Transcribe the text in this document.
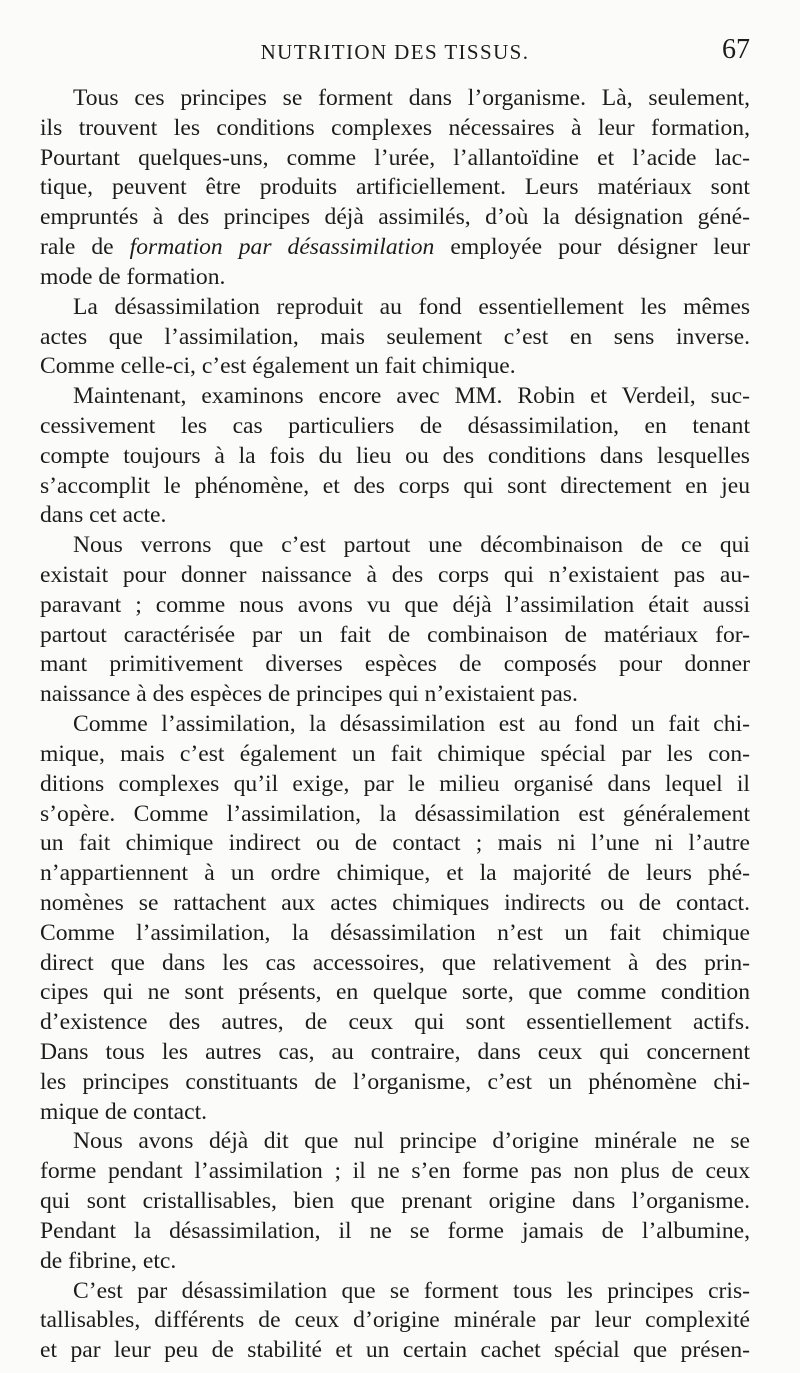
NUTRITION DES TISSUS.	67
Tous ces principes se forment dans l’organisme. Là, seulement,
ils trouvent les conditions complexes nécessaires à leur formation,
Pourtant quelques-uns, comme l’urée, l’allantoïdine et l’acide lac-
tique, peuvent être produits artificiellement. Leurs matériaux sont
empruntés à des principes déjà assimilés, d’où la désignation géné-
rale de formation par désassimilation employée pour désigner leur
mode de formation.
La désassimilation reproduit au fond essentiellement les mêmes
actes que l’assimilation, mais seulement c’est en sens inverse.
Comme celle-ci, c’est également un fait chimique.
Maintenant, examinons encore avec MM. Robin et Verdeil, suc-
cessivement les cas particuliers de désassimilation, en tenant
compte toujours à la fois du lieu ou des conditions dans lesquelles
s’accomplit le phénomène, et des corps qui sont directement en jeu
dans cet acte.
Nous verrons que c’est partout une décombinaison de ce qui
existait pour donner naissance à des corps qui n’existaient pas au-
paravant ; comme nous avons vu que déjà l’assimilation était aussi
partout caractérisée par un fait de combinaison de matériaux for-
mant primitivement diverses espèces de composés pour donner
naissance à des espèces de principes qui n’existaient pas.
Comme l’assimilation, la désassimilation est au fond un fait chi-
mique, mais c’est également un fait chimique spécial par les con-
ditions complexes qu’il exige, par le milieu organisé dans lequel il
s’opère. Comme l’assimilation, la désassimilation est généralement
un fait chimique indirect ou de contact ; mais ni l’une ni l’autre
n’appartiennent à un ordre chimique, et la majorité de leurs phé-
nomènes se rattachent aux actes chimiques indirects ou de contact.
Comme l’assimilation, la désassimilation n’est un fait chimique
direct que dans les cas accessoires, que relativement à des prin-
cipes qui ne sont présents, en quelque sorte, que comme condition
d’existence des autres, de ceux qui sont essentiellement actifs.
Dans tous les autres cas, au contraire, dans ceux qui concernent
les principes constituants de l’organisme, c’est un phénomène chi-
mique de contact.
Nous avons déjà dit que nul principe d’origine minérale ne se
forme pendant l’assimilation ; il ne s’en forme pas non plus de ceux
qui sont cristallisables, bien que prenant origine dans l’organisme.
Pendant la désassimilation, il ne se forme jamais de l’albumine,
de fibrine, etc.
C’est par désassimilation que se forment tous les principes cris-
tallisables, différents de ceux d’origine minérale par leur complexité
et par leur peu de stabilité et un certain cachet spécial que présen-
